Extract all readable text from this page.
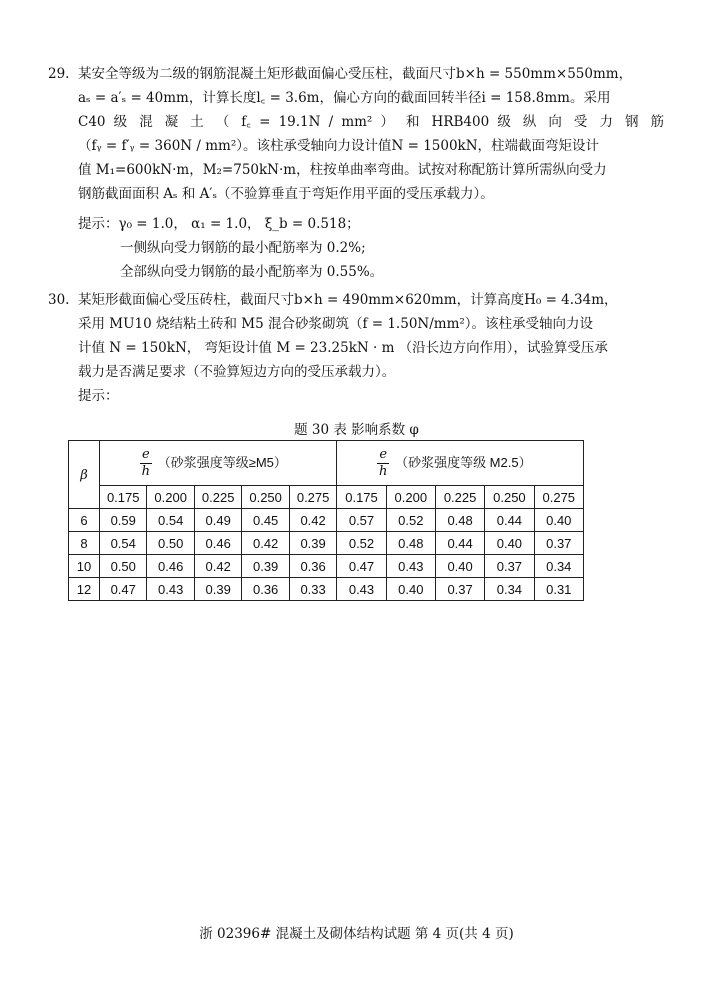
29. 某安全等级为二级的钢筋混凝土矩形截面偏心受压柱，截面尺寸b×h = 550mm×550mm，
aₛ = a′ₛ = 40mm，计算长度l꜀ = 3.6m，偏心方向的截面回转半径i = 158.8mm。采用
C40 级 混 凝 土 （ f꜀ = 19.1N / mm² ） 和 HRB400 级 纵 向 受 力 钢 筋
（fᵧ = f′ᵧ = 360N / mm²）。该柱承受轴向力设计值N = 1500kN，柱端截面弯矩设计
值 M₁=600kN·m，M₂=750kN·m，柱按单曲率弯曲。试按对称配筋计算所需纵向受力
钢筋截面面积 Aₛ 和 A′ₛ（不验算垂直于弯矩作用平面的受压承载力）。
提示：γ₀ = 1.0， α₁ = 1.0， ξ_b = 0.518；
一侧纵向受力钢筋的最小配筋率为 0.2%;
全部纵向受力钢筋的最小配筋率为 0.55%。
30. 某矩形截面偏心受压砖柱，截面尺寸b×h = 490mm×620mm，计算高度H₀ = 4.34m，
采用 MU10 烧结粘土砖和 M5 混合砂浆砌筑（f = 1.50N/mm²）。该柱承受轴向力设
计值 N = 150kN， 弯矩设计值 M = 23.25kN · m （沿长边方向作用），试验算受压承
载力是否满足要求（不验算短边方向的受压承载力）。
提示：
题 30 表 影响系数 φ
β	$\frac{e}{h}$ （砂浆强度等级≥M5）					$\frac{e}{h}$ （砂浆强度等级 M2.5）				
	0.175	0.200	0.225	0.250	0.275	0.175	0.200	0.225	0.250	0.275
6	0.59	0.54	0.49	0.45	0.42	0.57	0.52	0.48	0.44	0.40
8	0.54	0.50	0.46	0.42	0.39	0.52	0.48	0.44	0.40	0.37
10	0.50	0.46	0.42	0.39	0.36	0.47	0.43	0.40	0.37	0.34
12	0.47	0.43	0.39	0.36	0.33	0.43	0.40	0.37	0.34	0.31
浙 02396# 混凝土及砌体结构试题 第 4 页(共 4 页)
